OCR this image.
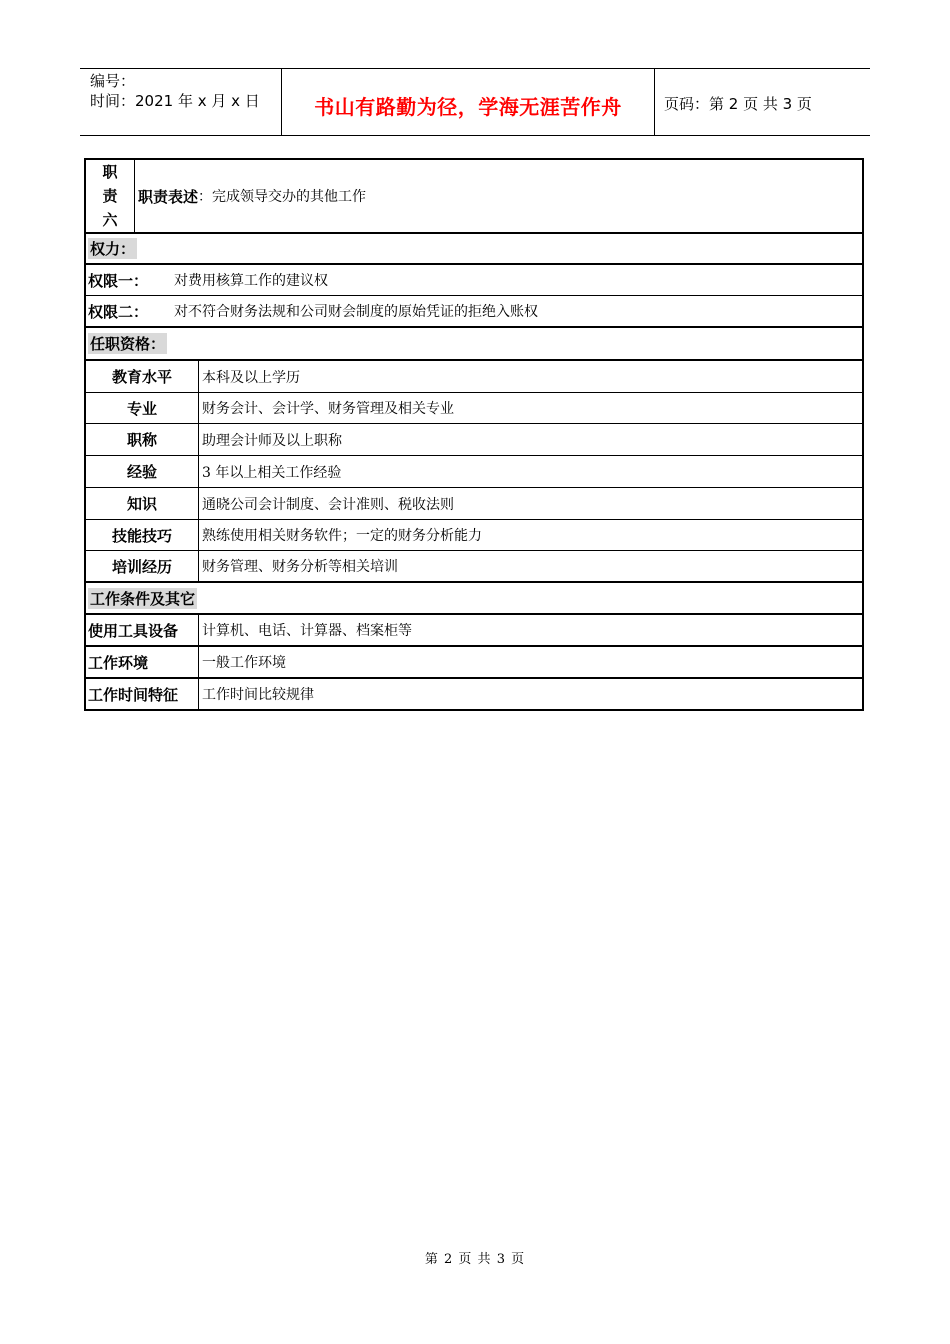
编号：
时间：2021 年 x 月 x 日	书山有路勤为径，学海无涯苦作舟	页码：第 2 页 共 3 页
职
责
六
职责表述 ： 完成领导交办的其他工作
权力：
权限一：	对费用核算工作的建议权
权限二：	对不符合财务法规和公司财会制度的原始凭证的拒绝入账权
任职资格：
教育水平	本科及以上学历
专业	财务会计、会计学、财务管理及相关专业
职称	助理会计师及以上职称
经验	3 年以上相关工作经验
知识	通晓公司会计制度、会计准则、税收法则
技能技巧	熟练使用相关财务软件；一定的财务分析能力
培训经历	财务管理、财务分析等相关培训
工作条件及其它
使用工具设备	计算机、电话、计算器、档案柜等
工作环境	一般工作环境
工作时间特征	工作时间比较规律
第 2 页 共 3 页
